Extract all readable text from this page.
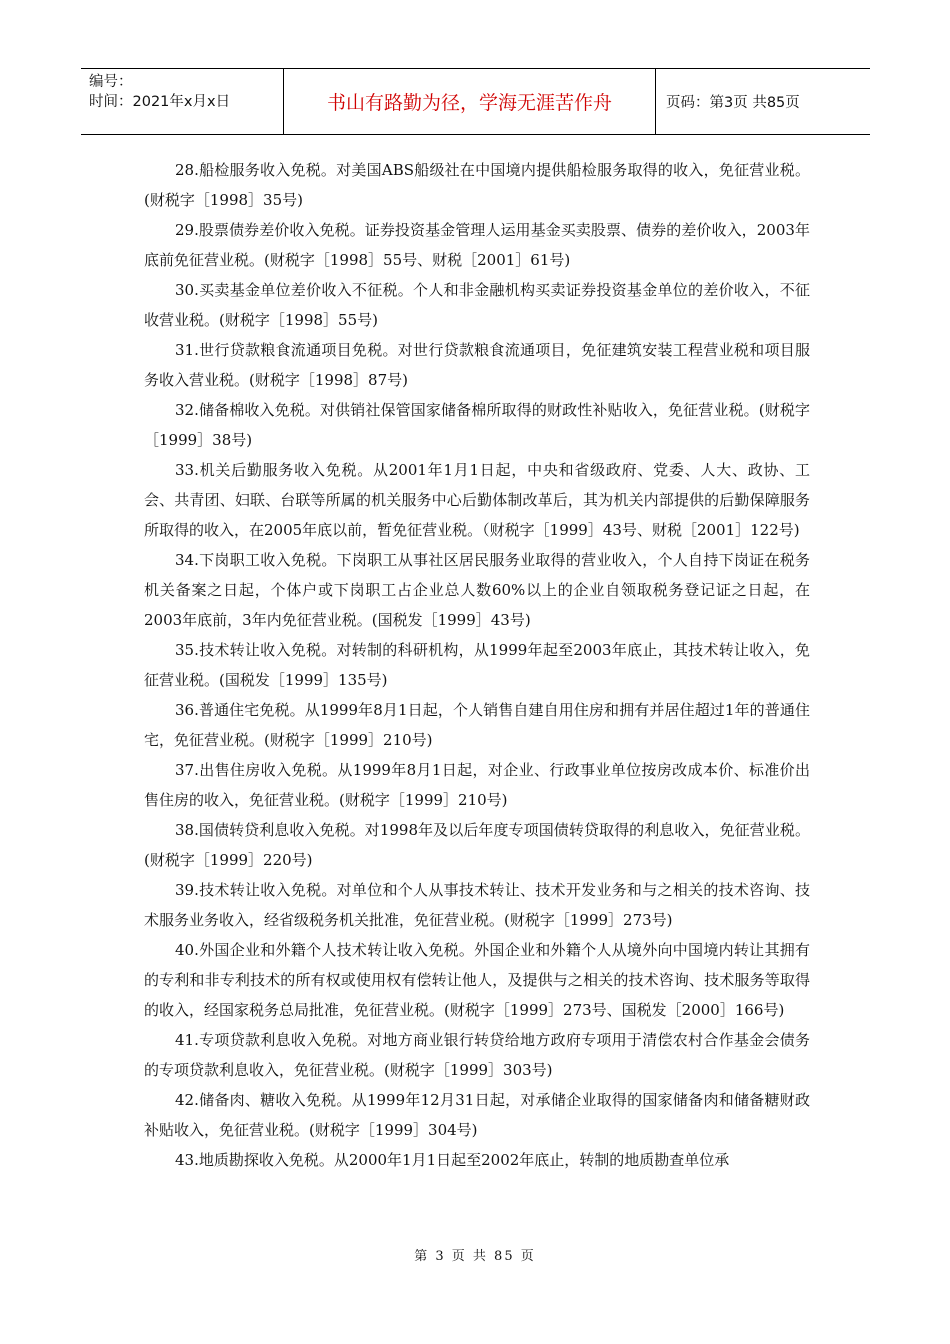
编号：
时间：2021年x月x日	书山有路勤为径，学海无涯苦作舟	页码：第3页 共85页

28.船检服务收入免税。对美国ABS船级社在中国境内提供船检服务取得的收入，免征营业税。(财税字［1998］35号)

29.股票债券差价收入免税。证券投资基金管理人运用基金买卖股票、债券的差价收入，2003年底前免征营业税。(财税字［1998］55号、财税［2001］61号)

30.买卖基金单位差价收入不征税。个人和非金融机构买卖证券投资基金单位的差价收入，不征收营业税。(财税字［1998］55号)

31.世行贷款粮食流通项目免税。对世行贷款粮食流通项目，免征建筑安装工程营业税和项目服务收入营业税。(财税字［1998］87号)

32.储备棉收入免税。对供销社保管国家储备棉所取得的财政性补贴收入，免征营业税。(财税字［1999］38号)

33.机关后勤服务收入免税。从2001年1月1日起，中央和省级政府、党委、人大、政协、工会、共青团、妇联、台联等所属的机关服务中心后勤体制改革后，其为机关内部提供的后勤保障服务所取得的收入，在2005年底以前，暂免征营业税。（财税字［1999］43号、财税［2001］122号)

34.下岗职工收入免税。下岗职工从事社区居民服务业取得的营业收入，个人自持下岗证在税务机关备案之日起，个体户或下岗职工占企业总人数60%以上的企业自领取税务登记证之日起，在2003年底前，3年内免征营业税。(国税发［1999］43号)

35.技术转让收入免税。对转制的科研机构，从1999年起至2003年底止，其技术转让收入，免征营业税。(国税发［1999］135号)

36.普通住宅免税。从1999年8月1日起，个人销售自建自用住房和拥有并居住超过1年的普通住宅，免征营业税。(财税字［1999］210号)

37.出售住房收入免税。从1999年8月1日起，对企业、行政事业单位按房改成本价、标准价出售住房的收入，免征营业税。(财税字［1999］210号)

38.国债转贷利息收入免税。对1998年及以后年度专项国债转贷取得的利息收入，免征营业税。(财税字［1999］220号)

39.技术转让收入免税。对单位和个人从事技术转让、技术开发业务和与之相关的技术咨询、技术服务业务收入，经省级税务机关批准，免征营业税。(财税字［1999］273号)

40.外国企业和外籍个人技术转让收入免税。外国企业和外籍个人从境外向中国境内转让其拥有的专利和非专利技术的所有权或使用权有偿转让他人，及提供与之相关的技术咨询、技术服务等取得的收入，经国家税务总局批准，免征营业税。(财税字［1999］273号、国税发［2000］166号)

41.专项贷款利息收入免税。对地方商业银行转贷给地方政府专项用于清偿农村合作基金会债务的专项贷款利息收入，免征营业税。(财税字［1999］303号)

42.储备肉、糖收入免税。从1999年12月31日起，对承储企业取得的国家储备肉和储备糖财政补贴收入，免征营业税。(财税字［1999］304号)

43.地质勘探收入免税。从2000年1月1日起至2002年底止，转制的地质勘查单位承

第 3 页 共 85 页
